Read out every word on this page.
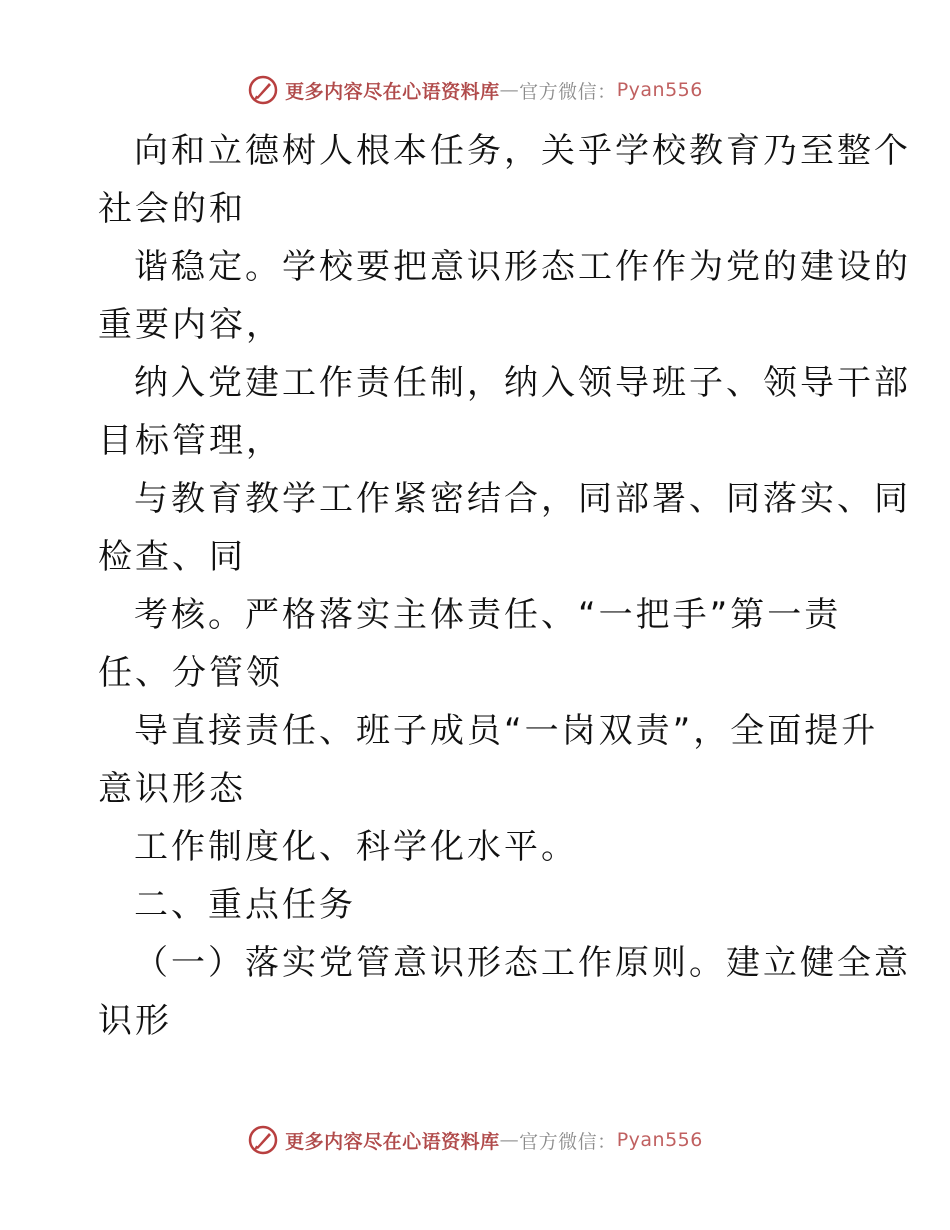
更多内容尽在心语资料库 — 官方微信： Pyan556
向和立德树人根本任务，关乎学校教育乃至整个
社会的和
谐稳定。学校要把意识形态工作作为党的建设的
重要内容，
纳入党建工作责任制，纳入领导班子、领导干部
目标管理，
与教育教学工作紧密结合，同部署、同落实、同
检查、同
考核。严格落实主体责任、“一把手”第一责
任、分管领
导直接责任、班子成员“一岗双责”，全面提升
意识形态
工作制度化、科学化水平。
二、重点任务
（一）落实党管意识形态工作原则。建立健全意
识形
更多内容尽在心语资料库 — 官方微信： Pyan556
